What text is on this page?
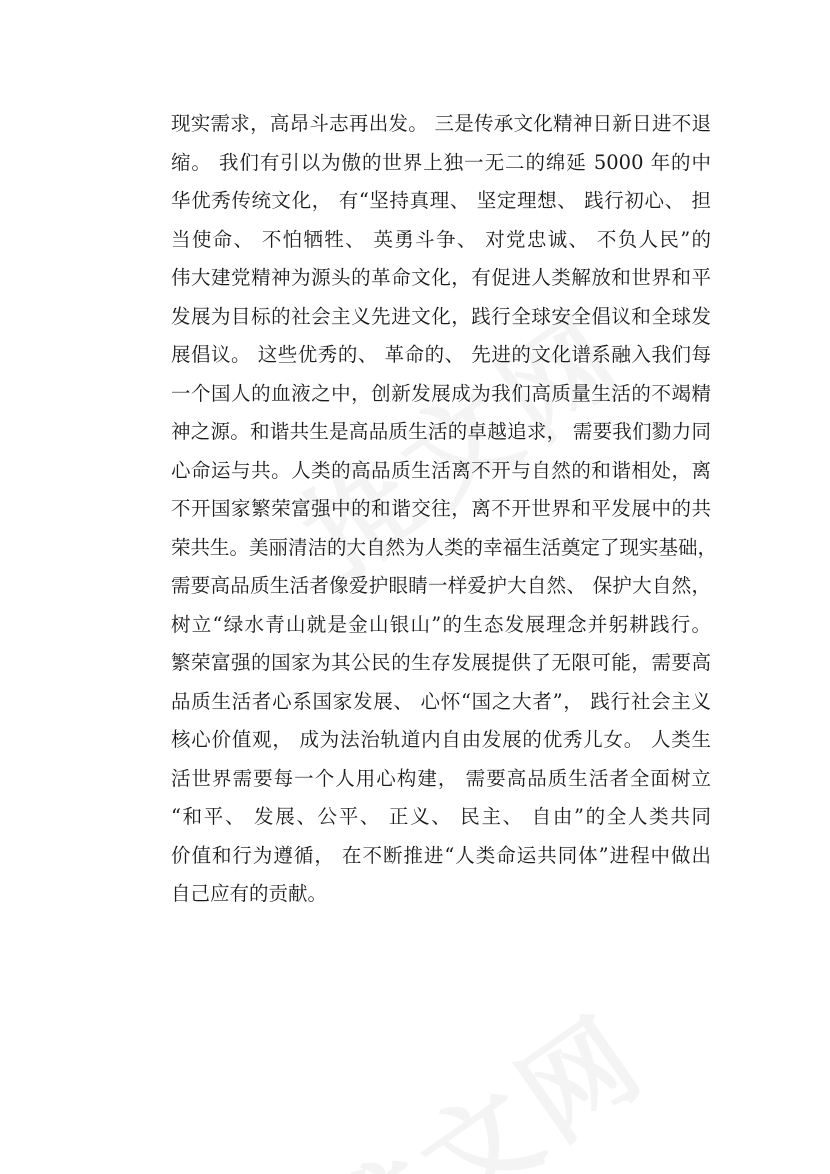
现实需求，高昂斗志再出发。 三是传承文化精神日新日进不退
缩。 我们有引以为傲的世界上独一无二的绵延 5000 年的中
华优秀传统文化， 有“坚持真理、 坚定理想、 践行初心、 担
当使命、 不怕牺牲、 英勇斗争、 对党忠诚、 不负人民”的
伟大建党精神为源头的革命文化，有促进人类解放和世界和平
发展为目标的社会主义先进文化，践行全球安全倡议和全球发
展倡议。 这些优秀的、 革命的、 先进的文化谱系融入我们每
一个国人的血液之中，创新发展成为我们高质量生活的不竭精
神之源。和谐共生是高品质生活的卓越追求， 需要我们勠力同
心命运与共。人类的高品质生活离不开与自然的和谐相处，离
不开国家繁荣富强中的和谐交往，离不开世界和平发展中的共
荣共生。美丽清洁的大自然为人类的幸福生活奠定了现实基础，
需要高品质生活者像爱护眼睛一样爱护大自然、 保护大自然，
树立“绿水青山就是金山银山”的生态发展理念并躬耕践行。
繁荣富强的国家为其公民的生存发展提供了无限可能，需要高
品质生活者心系国家发展、 心怀“国之大者”， 践行社会主义
核心价值观， 成为法治轨道内自由发展的优秀儿女。 人类生
活世界需要每一个人用心构建， 需要高品质生活者全面树立
“和平、 发展、公平、 正义、 民主、 自由”的全人类共同
价值和行为遵循， 在不断推进“人类命运共同体”进程中做出
自己应有的贡献。
